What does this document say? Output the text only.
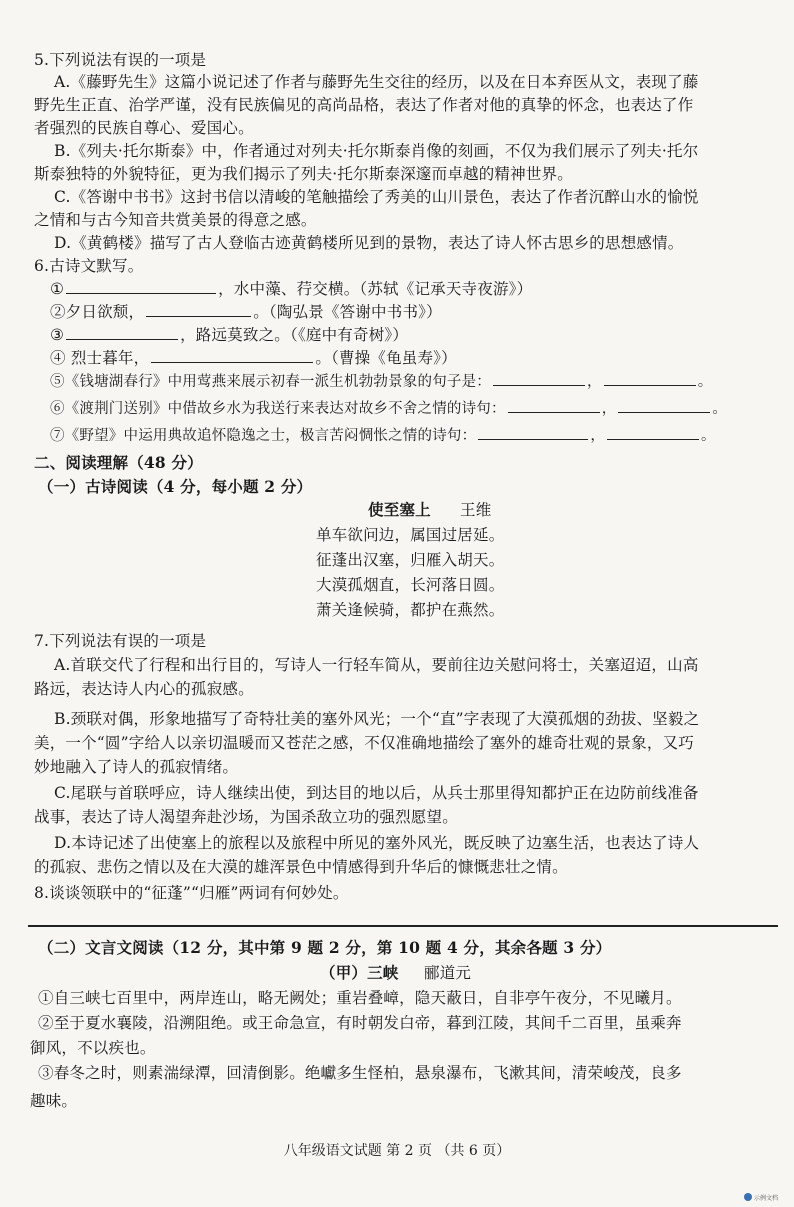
5.下列说法有误的一项是
A.《藤野先生》这篇小说记述了作者与藤野先生交往的经历，以及在日本弃医从文，表现了藤
野先生正直、治学严谨，没有民族偏见的高尚品格，表达了作者对他的真挚的怀念，也表达了作
者强烈的民族自尊心、爱国心。
B.《列夫·托尔斯泰》中，作者通过对列夫·托尔斯泰肖像的刻画，不仅为我们展示了列夫·托尔
斯泰独特的外貌特征，更为我们揭示了列夫·托尔斯泰深邃而卓越的精神世界。
C.《答谢中书书》这封书信以清峻的笔触描绘了秀美的山川景色，表达了作者沉醉山水的愉悦
之情和与古今知音共赏美景的得意之感。
D.《黄鹤楼》描写了古人登临古迹黄鹤楼所见到的景物，表达了诗人怀古思乡的思想感情。
6.古诗文默写。
①	，水中藻、荇交横。（苏轼《记承天寺夜游》）
②夕日欲颓，	。（陶弘景《答谢中书书》）
③	，路远莫致之。（《庭中有奇树》）
④ 烈士暮年，	。（曹操《龟虽寿》）
⑤《钱塘湖春行》中用莺燕来展示初春一派生机勃勃景象的句子是：	，	。
⑥《渡荆门送别》中借故乡水为我送行来表达对故乡不舍之情的诗句：	，	。
⑦《野望》中运用典故追怀隐逸之士，极言苦闷惆怅之情的诗句：	，	。
二、阅读理解（48 分）
（一）古诗阅读（4 分，每小题 2 分）
使至塞上 王维
单车欲问边，属国过居延。
征蓬出汉塞，归雁入胡天。
大漠孤烟直，长河落日圆。
萧关逢候骑，都护在燕然。
7.下列说法有误的一项是
A.首联交代了行程和出行目的，写诗人一行轻车简从，要前往边关慰问将士，关塞迢迢，山高
路远，表达诗人内心的孤寂感。
B.颈联对偶，形象地描写了奇特壮美的塞外风光；一个“直”字表现了大漠孤烟的劲拔、坚毅之
美，一个“圆”字给人以亲切温暖而又苍茫之感，不仅准确地描绘了塞外的雄奇壮观的景象，又巧
妙地融入了诗人的孤寂情绪。
C.尾联与首联呼应，诗人继续出使，到达目的地以后，从兵士那里得知都护正在边防前线准备
战事，表达了诗人渴望奔赴沙场，为国杀敌立功的强烈愿望。
D.本诗记述了出使塞上的旅程以及旅程中所见的塞外风光，既反映了边塞生活，也表达了诗人
的孤寂、悲伤之情以及在大漠的雄浑景色中情感得到升华后的慷慨悲壮之情。
8.谈谈领联中的“征蓬”“归雁”两词有何妙处。
（二）文言文阅读（12 分，其中第 9 题 2 分，第 10 题 4 分，其余各题 3 分）
（甲）三峡 郦道元
①自三峡七百里中，两岸连山，略无阙处；重岩叠嶂，隐天蔽日，自非亭午夜分，不见曦月。
②至于夏水襄陵，沿溯阻绝。或王命急宣，有时朝发白帝，暮到江陵，其间千二百里，虽乘奔
御风，不以疾也。
③春冬之时，则素湍绿潭，回清倒影。绝巘多生怪柏，悬泉瀑布，飞漱其间，清荣峻茂，良多
趣味。
八年级语文试题 第 2 页 （共 6 页）
示例文档
